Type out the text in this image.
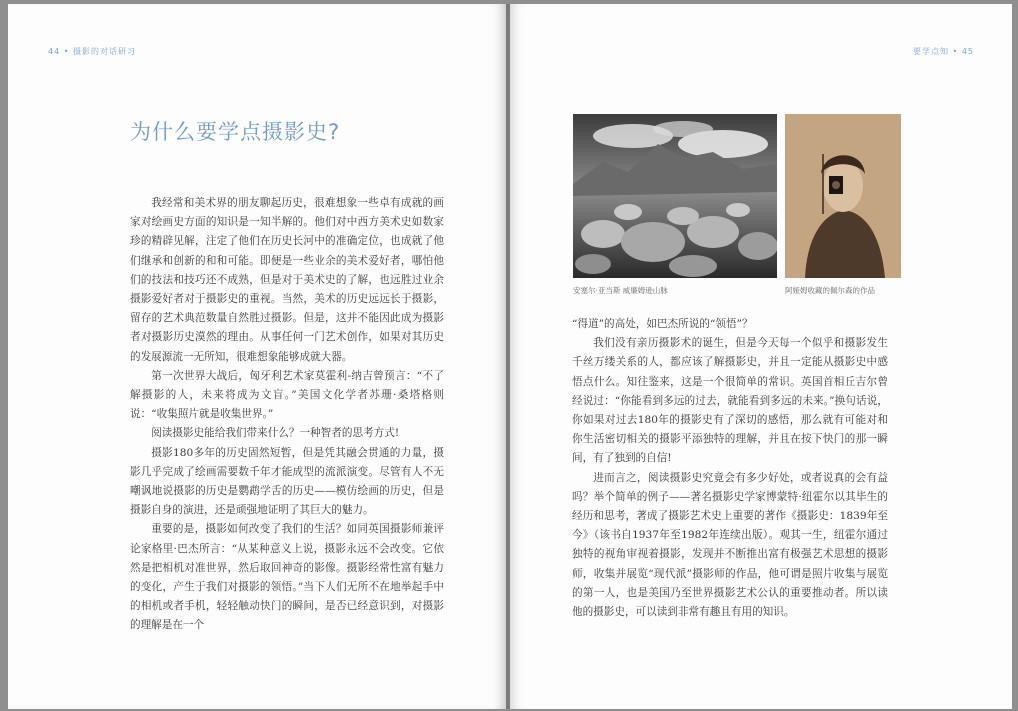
44 • 摄影的对话研习
为什么要学点摄影史?

我经常和美术界的朋友聊起历史，很难想象一些卓有成就的画家对绘画史方面的知识是一知半解的。他们对中西方美术史如数家珍的精辟见解，注定了他们在历史长河中的准确定位，也成就了他们继承和创新的和和可能。即便是一些业余的美术爱好者，哪怕他们的技法和技巧还不成熟，但是对于美术史的了解，也远胜过业余摄影爱好者对于摄影史的重视。当然，美术的历史远远长于摄影，留存的艺术典范数量自然胜过摄影。但是，这并不能因此成为摄影者对摄影历史漠然的理由。从事任何一门艺术创作，如果对其历史的发展源流一无所知，很难想象能够成就大器。

第一次世界大战后，匈牙利艺术家莫霍利-纳吉曾预言：“不了解摄影的人，未来将成为文盲。”美国文化学者苏珊·桑塔格则说：“收集照片就是收集世界。”

阅读摄影史能给我们带来什么？一种智者的思考方式!

摄影180多年的历史固然短暂，但是凭其融会贯通的力量，摄影几乎完成了绘画需要数千年才能成型的流派演变。尽管有人不无嘲讽地说摄影的历史是鹦鹉学舌的历史——模仿绘画的历史，但是摄影自身的演进，还是顽强地证明了其巨大的魅力。

重要的是，摄影如何改变了我们的生活？如同英国摄影师兼评论家格里·巴杰所言：“从某种意义上说，摄影永远不会改变。它依然是把相机对准世界，然后取回神奇的影像。摄影经常性富有魅力的变化，产生于我们对摄影的领悟。”当下人们无所不在地举起手中的相机或者手机，轻轻触动快门的瞬间，是否已经意识到，对摄影的理解是在一个

要学点知 • 45
安塞尔·亚当斯 威廉姆逊山脉	阿娅姆收藏的佩尔森的作品

“得道”的高处，如巴杰所说的“领悟”？

我们没有亲历摄影术的诞生，但是今天每一个似乎和摄影发生千丝万缕关系的人，都应该了解摄影史，并且一定能从摄影史中感悟点什么。知往鉴来，这是一个很简单的常识。英国首相丘吉尔曾经说过：“你能看到多远的过去，就能看到多远的未来。”换句话说，你如果对过去180年的摄影史有了深切的感悟，那么就有可能对和你生活密切相关的摄影平添独特的理解，并且在按下快门的那一瞬间，有了独到的自信!

进而言之，阅读摄影史究竟会有多少好处，或者说真的会有益吗？举个简单的例子——著名摄影史学家博蒙特·纽霍尔以其毕生的经历和思考，著成了摄影艺术史上重要的著作《摄影史：1839年至今》（该书自1937年至1982年连续出版）。观其一生，纽霍尔通过独特的视角审视着摄影，发现并不断推出富有极强艺术思想的摄影师，收集并展览“现代派”摄影师的作品，他可谓是照片收集与展览的第一人，也是美国乃至世界摄影艺术公认的重要推动者。所以读他的摄影史，可以读到非常有趣且有用的知识。
